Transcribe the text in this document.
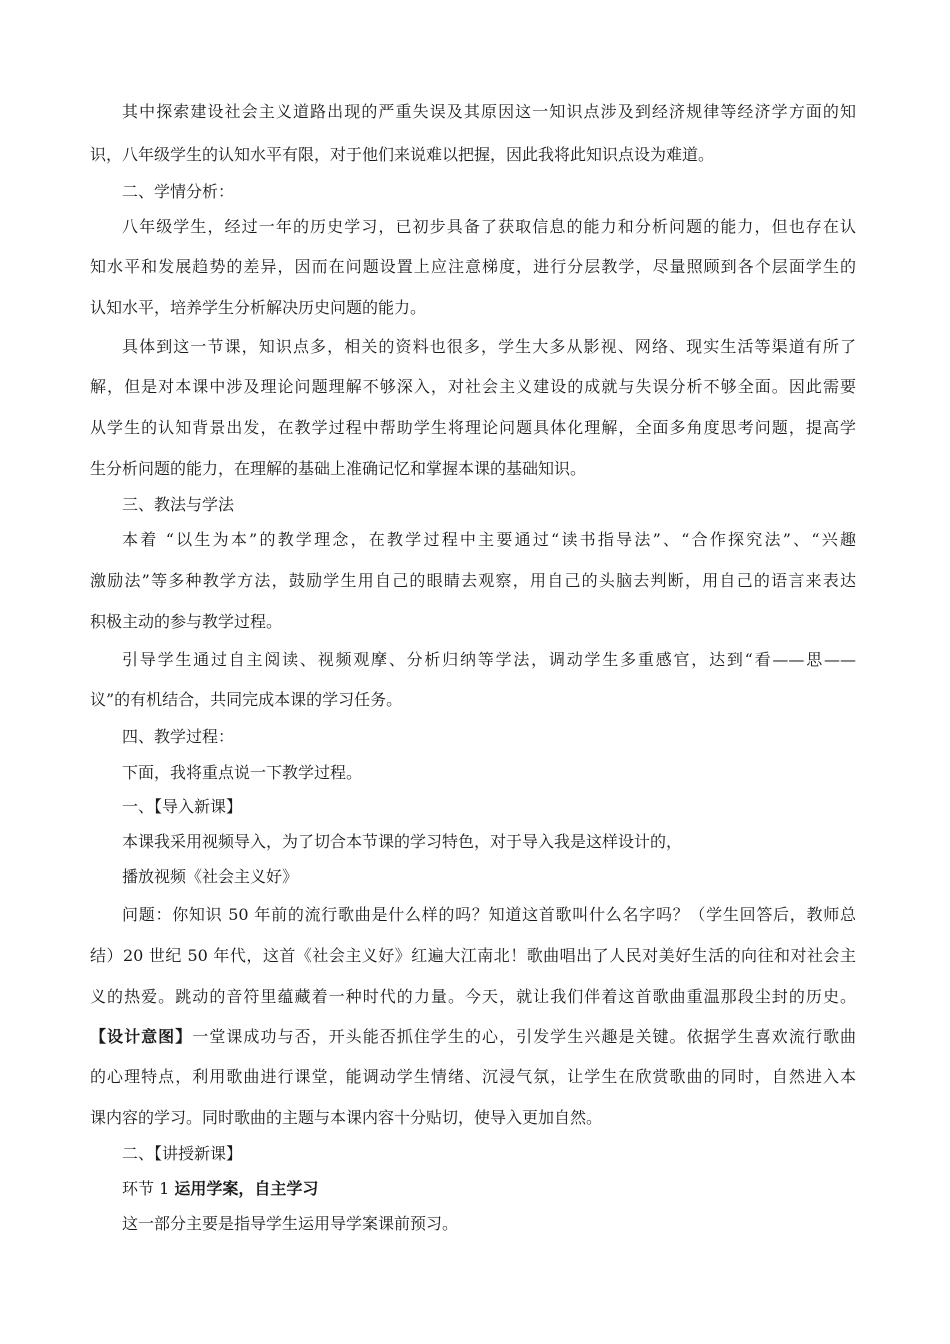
其中探索建设社会主义道路出现的严重失误及其原因这一知识点涉及到经济规律等经济学方面的知
识，八年级学生的认知水平有限，对于他们来说难以把握，因此我将此知识点设为难道。
二、学情分析：
八年级学生，经过一年的历史学习，已初步具备了获取信息的能力和分析问题的能力，但也存在认
知水平和发展趋势的差异，因而在问题设置上应注意梯度，进行分层教学，尽量照顾到各个层面学生的
认知水平，培养学生分析解决历史问题的能力。
具体到这一节课，知识点多，相关的资料也很多，学生大多从影视、网络、现实生活等渠道有所了
解，但是对本课中涉及理论问题理解不够深入，对社会主义建设的成就与失误分析不够全面。因此需要
从学生的认知背景出发，在教学过程中帮助学生将理论问题具体化理解，全面多角度思考问题，提高学
生分析问题的能力，在理解的基础上准确记忆和掌握本课的基础知识。
三、教法与学法
本着 “以生为本”的教学理念，在教学过程中主要通过“读书指导法”、“合作探究法”、“兴趣
激励法”等多种教学方法，鼓励学生用自己的眼睛去观察，用自己的头脑去判断，用自己的语言来表达
积极主动的参与教学过程。
引导学生通过自主阅读、视频观摩、分析归纳等学法，调动学生多重感官，达到“看——思——
议”的有机结合，共同完成本课的学习任务。
四、教学过程：
下面，我将重点说一下教学过程。
一、【导入新课】
本课我采用视频导入，为了切合本节课的学习特色，对于导入我是这样设计的，
播放视频《社会主义好》
问题：你知识 50 年前的流行歌曲是什么样的吗？知道这首歌叫什么名字吗？（学生回答后，教师总
结）20 世纪 50 年代，这首《社会主义好》红遍大江南北！歌曲唱出了人民对美好生活的向往和对社会主
义的热爱。跳动的音符里蕴藏着一种时代的力量。今天，就让我们伴着这首歌曲重温那段尘封的历史。
【设计意图】一堂课成功与否，开头能否抓住学生的心，引发学生兴趣是关键。依据学生喜欢流行歌曲
的心理特点，利用歌曲进行课堂，能调动学生情绪、沉浸气氛，让学生在欣赏歌曲的同时，自然进入本
课内容的学习。同时歌曲的主题与本课内容十分贴切，使导入更加自然。
二、【讲授新课】
环节 1 运用学案，自主学习
这一部分主要是指导学生运用导学案课前预习。
